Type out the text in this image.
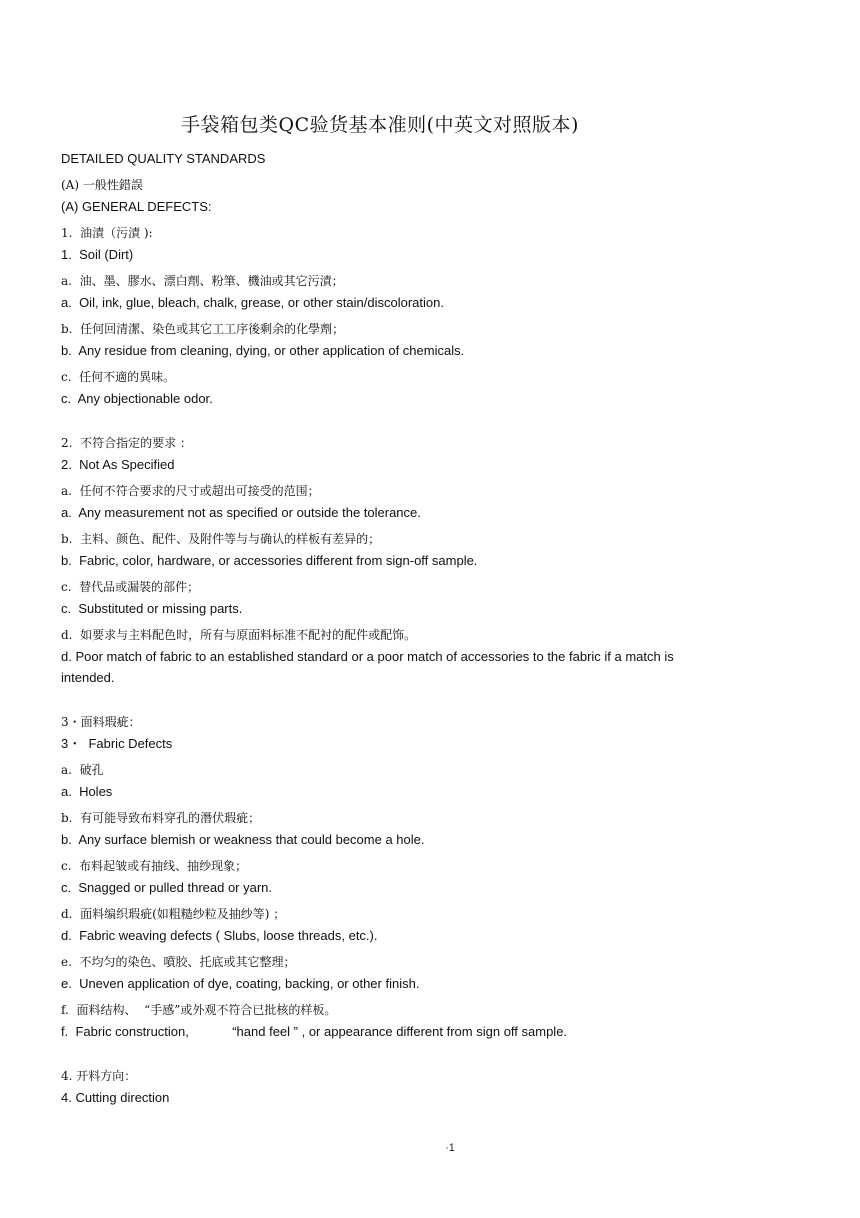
手袋箱包类QC验货基本准则(中英文对照版本)
DETAILED QUALITY STANDARDS
(A) 一般性錯誤
(A) GENERAL DEFECTS:
1.  油漬（污漬 ):
1.  Soil (Dirt)
a.  油、墨、膠水、漂白劑、粉筆、機油或其它污漬；
a.  Oil, ink, glue, bleach, chalk, grease, or other stain/discoloration.
b.  任何回清潔、染色或其它工工序後剩余的化學劑；
b.  Any residue from cleaning, dying, or other application of chemicals.
c.  任何不適的異味。
c.  Any objectionable odor.
2.  不符合指定的要求 ：
2.  Not As Specified
a.  任何不符合要求的尺寸或超出可接受的范围；
a.  Any measurement not as specified or outside the tolerance.
b.  主料、颜色、配件、及附件等与与确认的样板有差异的；
b.  Fabric, color, hardware, or accessories different from sign-off sample.
c.  替代品或漏裝的部件；
c.  Substituted or missing parts.
d.  如要求与主料配色时，所有与原面料标准不配衬的配件或配饰。
d. Poor match of fabric to an established standard or a poor match of accessories to the fabric if a match is intended.
3・面料瑕疵：
3・  Fabric Defects
a.  破孔
a.  Holes
b.  有可能导致布料穿孔的潛伏瑕疵；
b.  Any surface blemish or weakness that could become a hole.
c.  布料起皱或有抽线、抽纱现象；
c.  Snagged or pulled thread or yarn.
d.  面料编织瑕疵(如粗糙纱粒及抽纱等) ；
d.  Fabric weaving defects ( Slubs, loose threads, etc.).
e.  不均匀的染色、噴胶、托底或其它整理；
e.  Uneven application of dye, coating, backing, or other finish.
f.  面料结构、  “手感”或外观不符合已批核的样板。
f.  Fabric construction,            “hand feel ” , or appearance different from sign off sample.
4. 开料方向：
4. Cutting direction
·1
